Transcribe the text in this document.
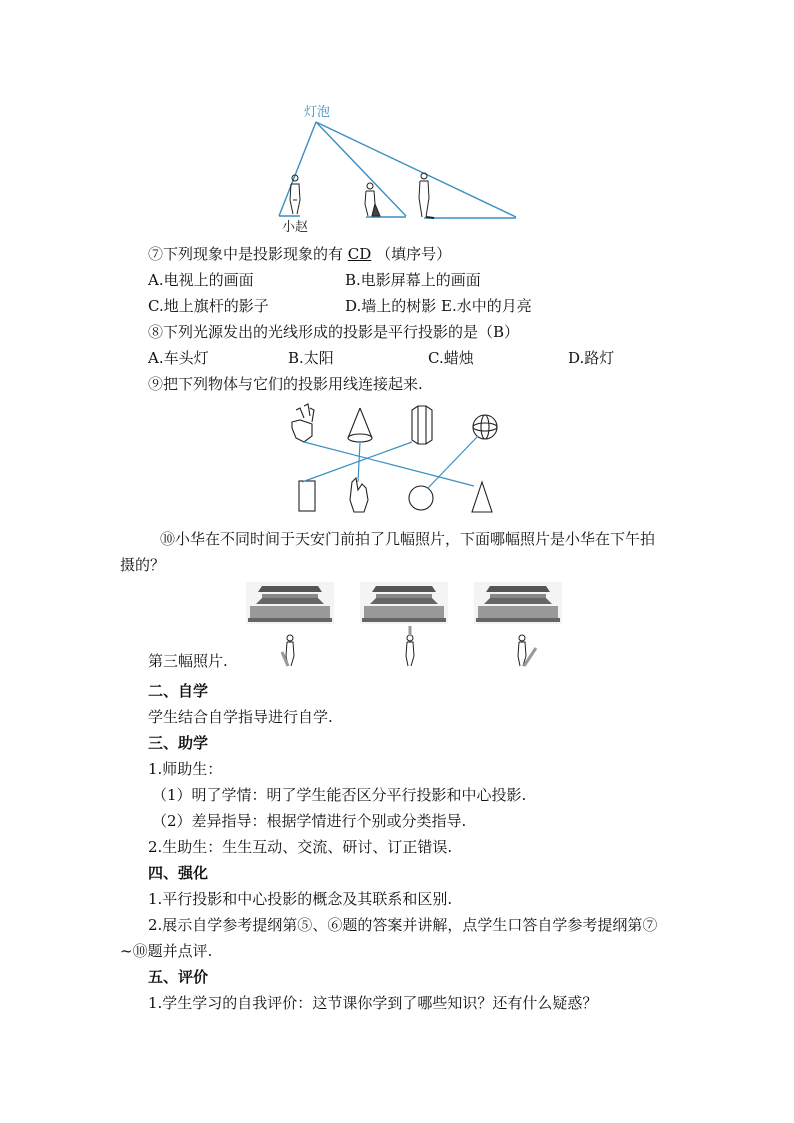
灯泡
小赵
⑦下列现象中是投影现象的有 CD （填序号）
A.电视上的画面	B.电影屏幕上的画面
C.地上旗杆的影子	D.墙上的树影 E.水中的月亮
⑧下列光源发出的光线形成的投影是平行投影的是（B）
A.车头灯	B.太阳	C.蜡烛	D.路灯
⑨把下列物体与它们的投影用线连接起来.
⑩小华在不同时间于天安门前拍了几幅照片，下面哪幅照片是小华在下午拍
摄的？
第三幅照片.
二、自学
学生结合自学指导进行自学.
三、助学
1.师助生：
（1）明了学情：明了学生能否区分平行投影和中心投影.
（2）差异指导：根据学情进行个别或分类指导.
2.生助生：生生互动、交流、研讨、订正错误.
四、强化
1.平行投影和中心投影的概念及其联系和区别.
2.展示自学参考提纲第⑤、⑥题的答案并讲解，点学生口答自学参考提纲第⑦
~⑩题并点评.
五、评价
1.学生学习的自我评价：这节课你学到了哪些知识？还有什么疑惑？
